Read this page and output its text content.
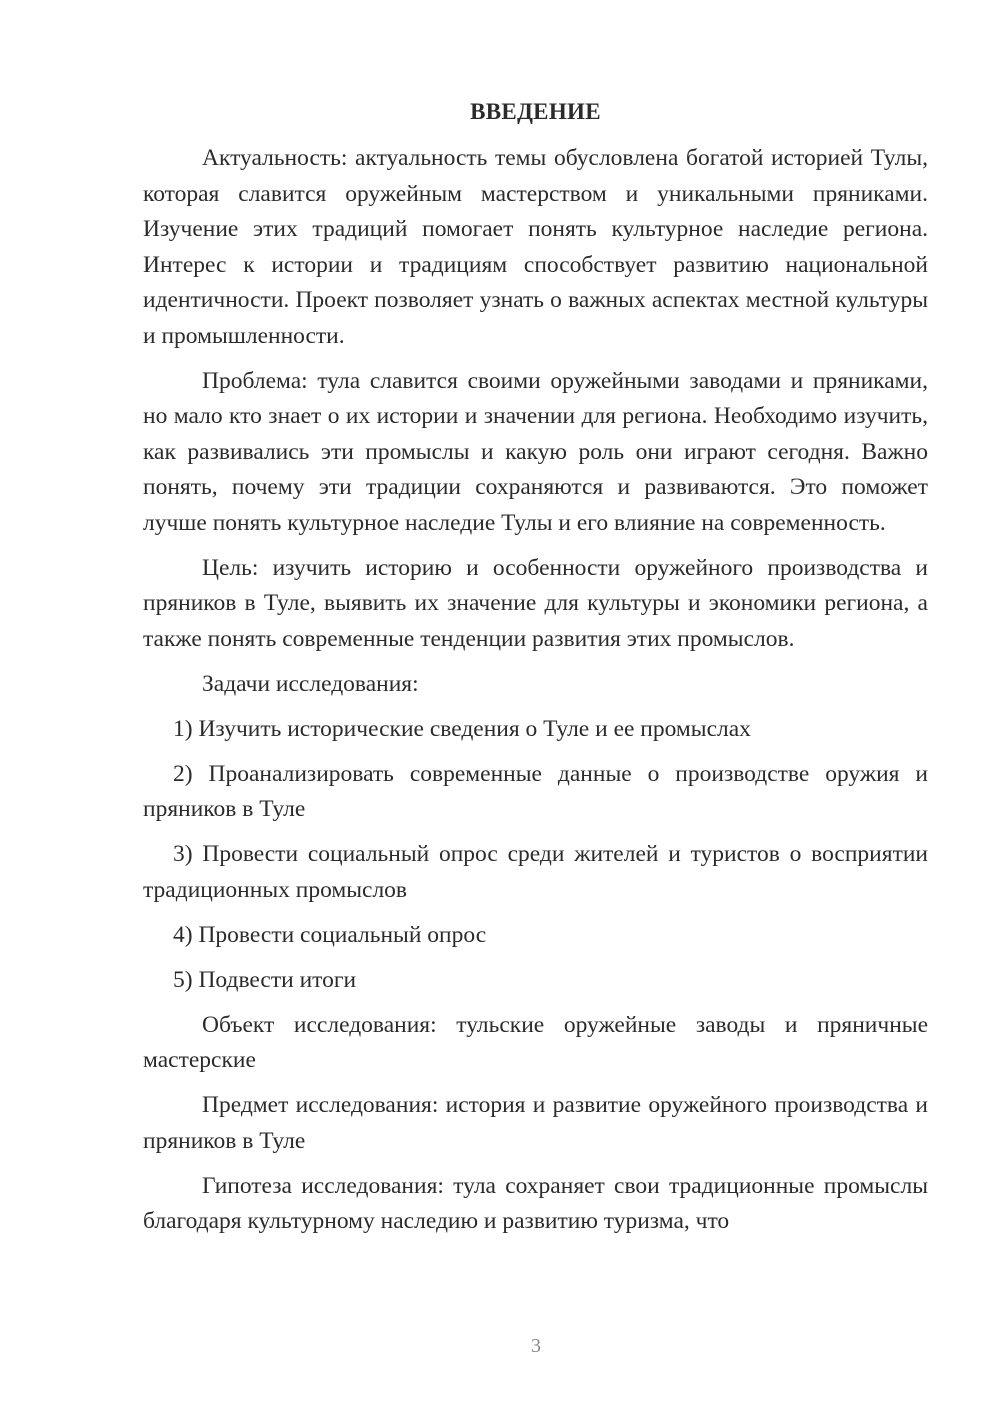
ВВЕДЕНИЕ

Актуальность: актуальность темы обусловлена богатой историей Тулы, которая славится оружейным мастерством и уникальными пряниками. Изучение этих традиций помогает понять культурное наследие региона. Интерес к истории и традициям способствует развитию национальной идентичности. Проект позволяет узнать о важных аспектах местной культуры и промышленности.

Проблема: тула славится своими оружейными заводами и пряниками, но мало кто знает о их истории и значении для региона. Необходимо изучить, как развивались эти промыслы и какую роль они играют сегодня. Важно понять, почему эти традиции сохраняются и развиваются. Это поможет лучше понять культурное наследие Тулы и его влияние на современность.

Цель: изучить историю и особенности оружейного производства и пряников в Туле, выявить их значение для культуры и экономики региона, а также понять современные тенденции развития этих промыслов.

Задачи исследования:

1) Изучить исторические сведения о Туле и ее промыслах

2) Проанализировать современные данные о производстве оружия и пряников в Туле

3) Провести социальный опрос среди жителей и туристов о восприятии традиционных промыслов

4) Провести социальный опрос

5) Подвести итоги

Объект исследования: тульские оружейные заводы и пряничные мастерские

Предмет исследования: история и развитие оружейного производства и пряников в Туле

Гипотеза исследования: тула сохраняет свои традиционные промыслы благодаря культурному наследию и развитию туризма, что

3
